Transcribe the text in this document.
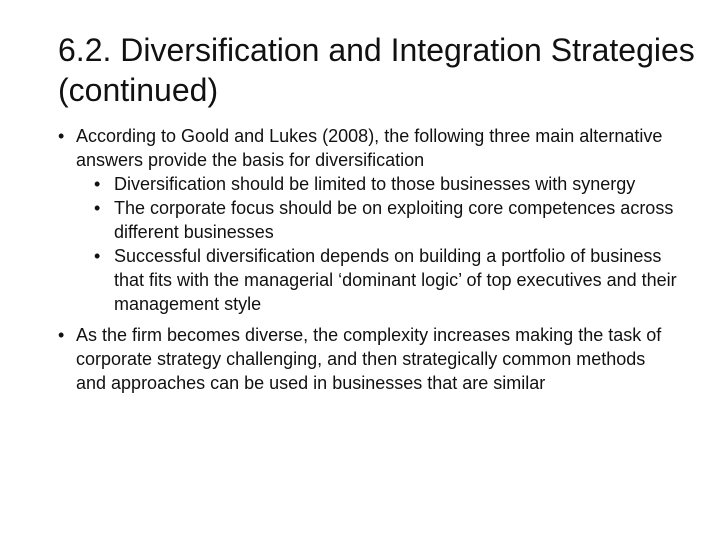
6.2. Diversification and Integration Strategies (continued)
• According to Goold and Lukes (2008), the following three main alternative answers provide the basis for diversification
• Diversification should be limited to those businesses with synergy
• The corporate focus should be on exploiting core competences across different businesses
• Successful diversification depends on building a portfolio of business that fits with the managerial ‘dominant logic’ of top executives and their management style
• As the firm becomes diverse, the complexity increases making the task of corporate strategy challenging, and then strategically common methods and approaches can be used in businesses that are similar
